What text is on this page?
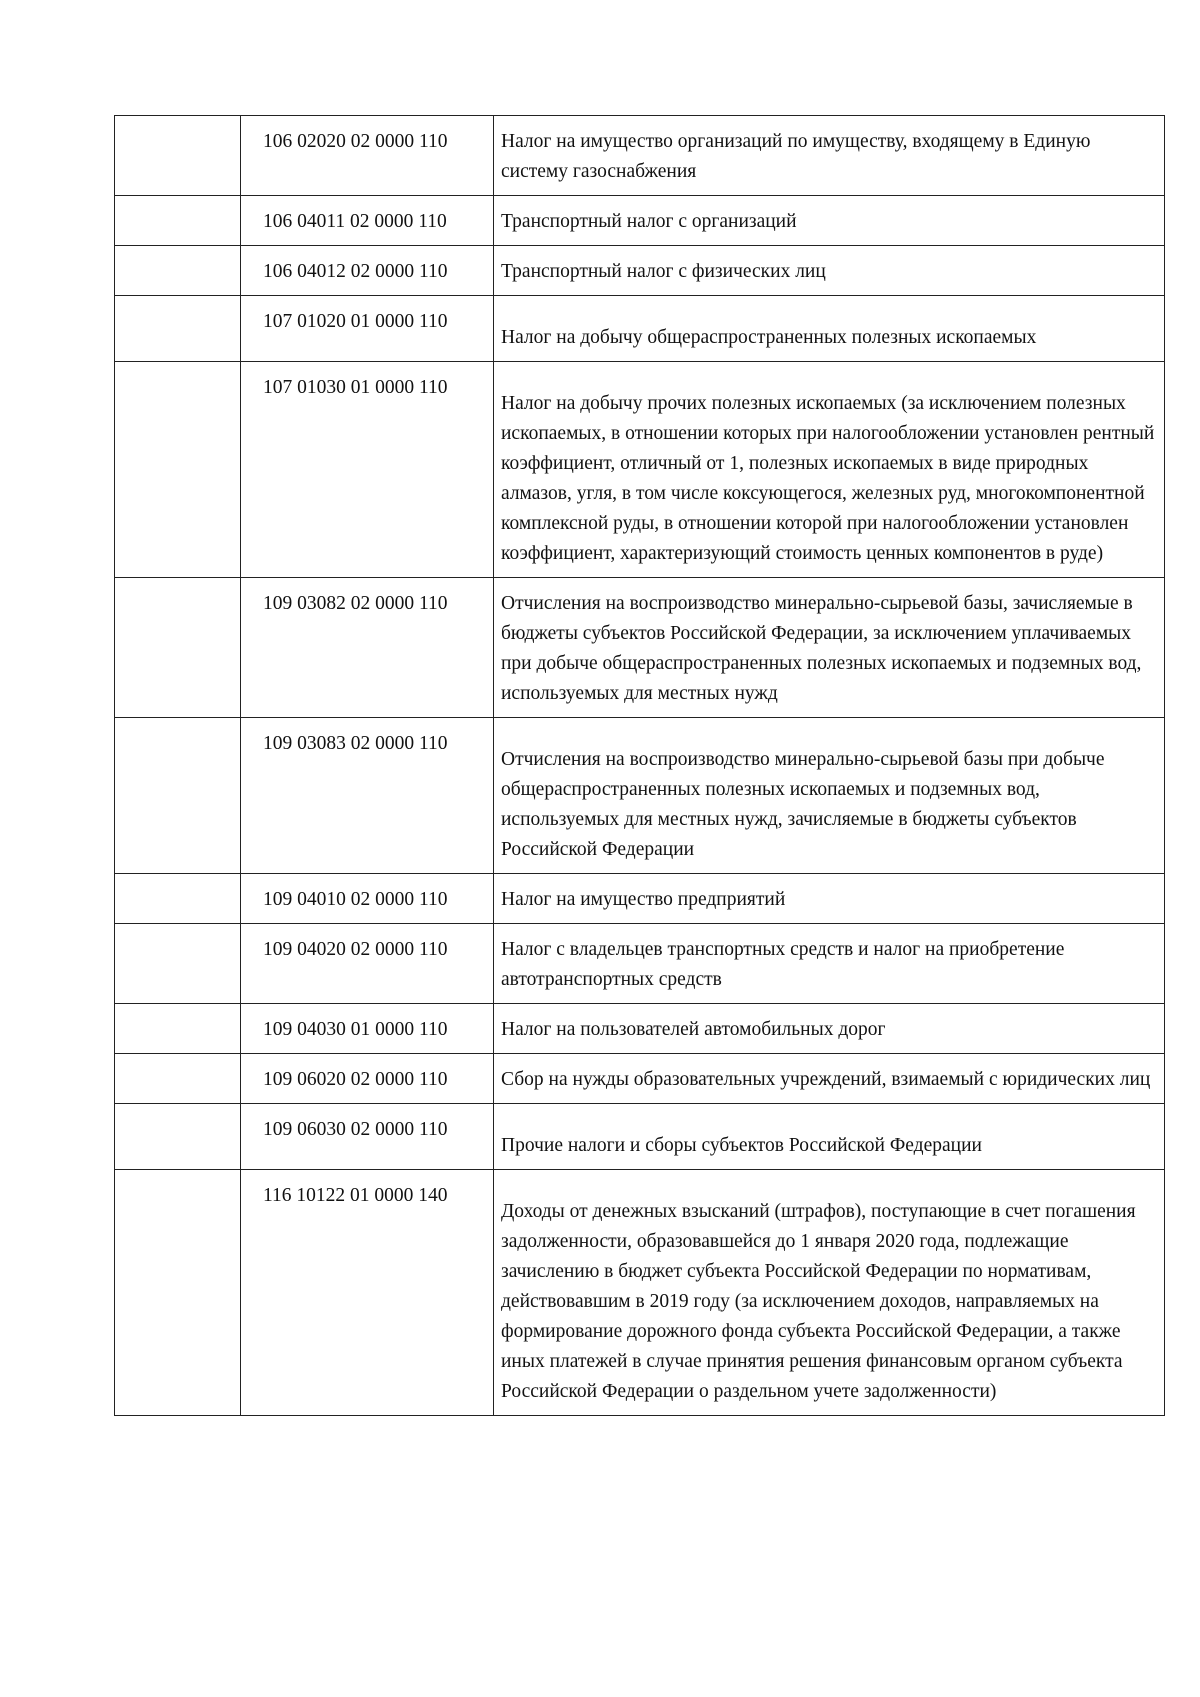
	106 02020 02 0000 110	Налог на имущество организаций по имуществу, входящему в Единую систему газоснабжения

	106 04011 02 0000 110	Транспортный налог с организаций

	106 04012 02 0000 110	Транспортный налог с физических лиц

	107 01020 01 0000 110	Налог на добычу общераспространенных полезных ископаемых

	107 01030 01 0000 110	Налог на добычу прочих полезных ископаемых (за исключением полезных ископаемых, в отношении которых при налогообложении установлен рентный коэффициент, отличный от 1, полезных ископаемых в виде природных алмазов, угля, в том числе коксующегося, железных руд, многокомпонентной комплексной руды, в отношении которой при налогообложении установлен коэффициент, характеризующий стоимость ценных компонентов в руде)

	109 03082 02 0000 110	Отчисления на воспроизводство минерально-сырьевой базы, зачисляемые в бюджеты субъектов Российской Федерации, за исключением уплачиваемых при добыче общераспространенных полезных ископаемых и подземных вод, используемых для местных нужд

	109 03083 02 0000 110	Отчисления на воспроизводство минерально-сырьевой базы при добыче общераспространенных полезных ископаемых и подземных вод, используемых для местных нужд, зачисляемые в бюджеты субъектов Российской Федерации

	109 04010 02 0000 110	Налог на имущество предприятий

	109 04020 02 0000 110	Налог с владельцев транспортных средств и налог на приобретение автотранспортных средств

	109 04030 01 0000 110	Налог на пользователей автомобильных дорог

	109 06020 02 0000 110	Сбор на нужды образовательных учреждений, взимаемый с юридических лиц

	109 06030 02 0000 110	Прочие налоги и сборы субъектов Российской Федерации

	116 10122 01 0000 140	Доходы от денежных взысканий (штрафов), поступающие в счет погашения задолженности, образовавшейся до 1 января 2020 года, подлежащие зачислению в бюджет субъекта Российской Федерации по нормативам, действовавшим в 2019 году (за исключением доходов, направляемых на формирование дорожного фонда субъекта Российской Федерации, а также иных платежей в случае принятия решения финансовым органом субъекта Российской Федерации о раздельном учете задолженности)
